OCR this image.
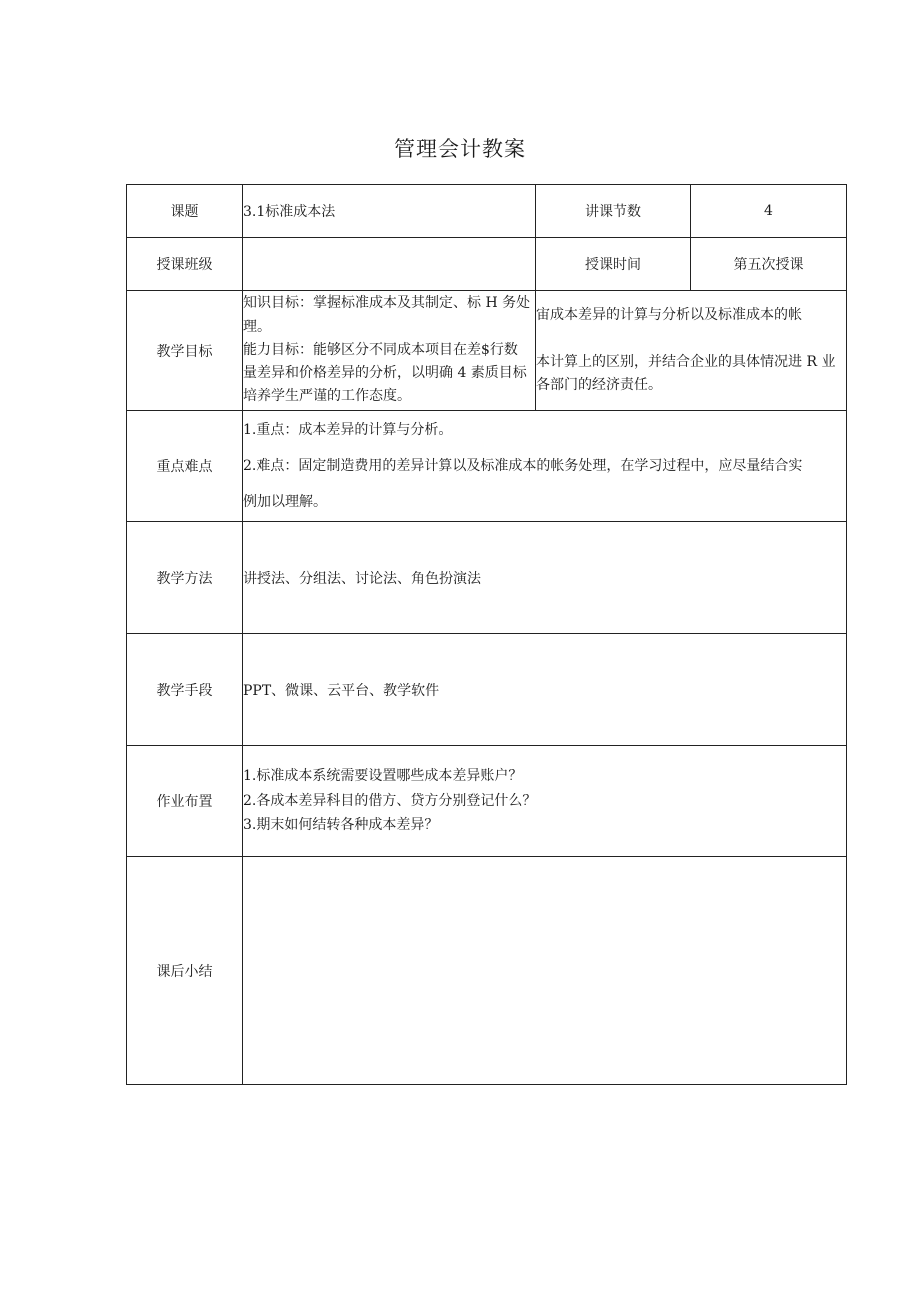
管理会计教案
课题	3.1标准成本法	讲课节数	4
授课班级		授课时间	第五次授课
教学目标	知识目标：掌握标准成本及其制定、标 H 务处
理。
能力目标：能够区分不同成本项目在差$行数
量差异和价格差异的分析，以明确 4 素质目标
培养学生严谨的工作态度。	宙成本差异的计算与分析以及标准成本的帐

本计算上的区别，并结合企业的具体情况进 R 业
各部门的经济责任。	

重点难点	1.重点：成本差异的计算与分析。
2.难点：固定制造费用的差异计算以及标准成本的帐务处理，在学习过程中，应尽量结合实
例加以理解。		

教学方法	讲授法、分组法、讨论法、角色扮演法		
教学手段	PPT、微课、云平台、教学软件		
作业布置	1.标准成本系统需要设置哪些成本差异账户？
2.各成本差异科目的借方、贷方分别登记什么？
3.期末如何结转各种成本差异？		

课后小结			
